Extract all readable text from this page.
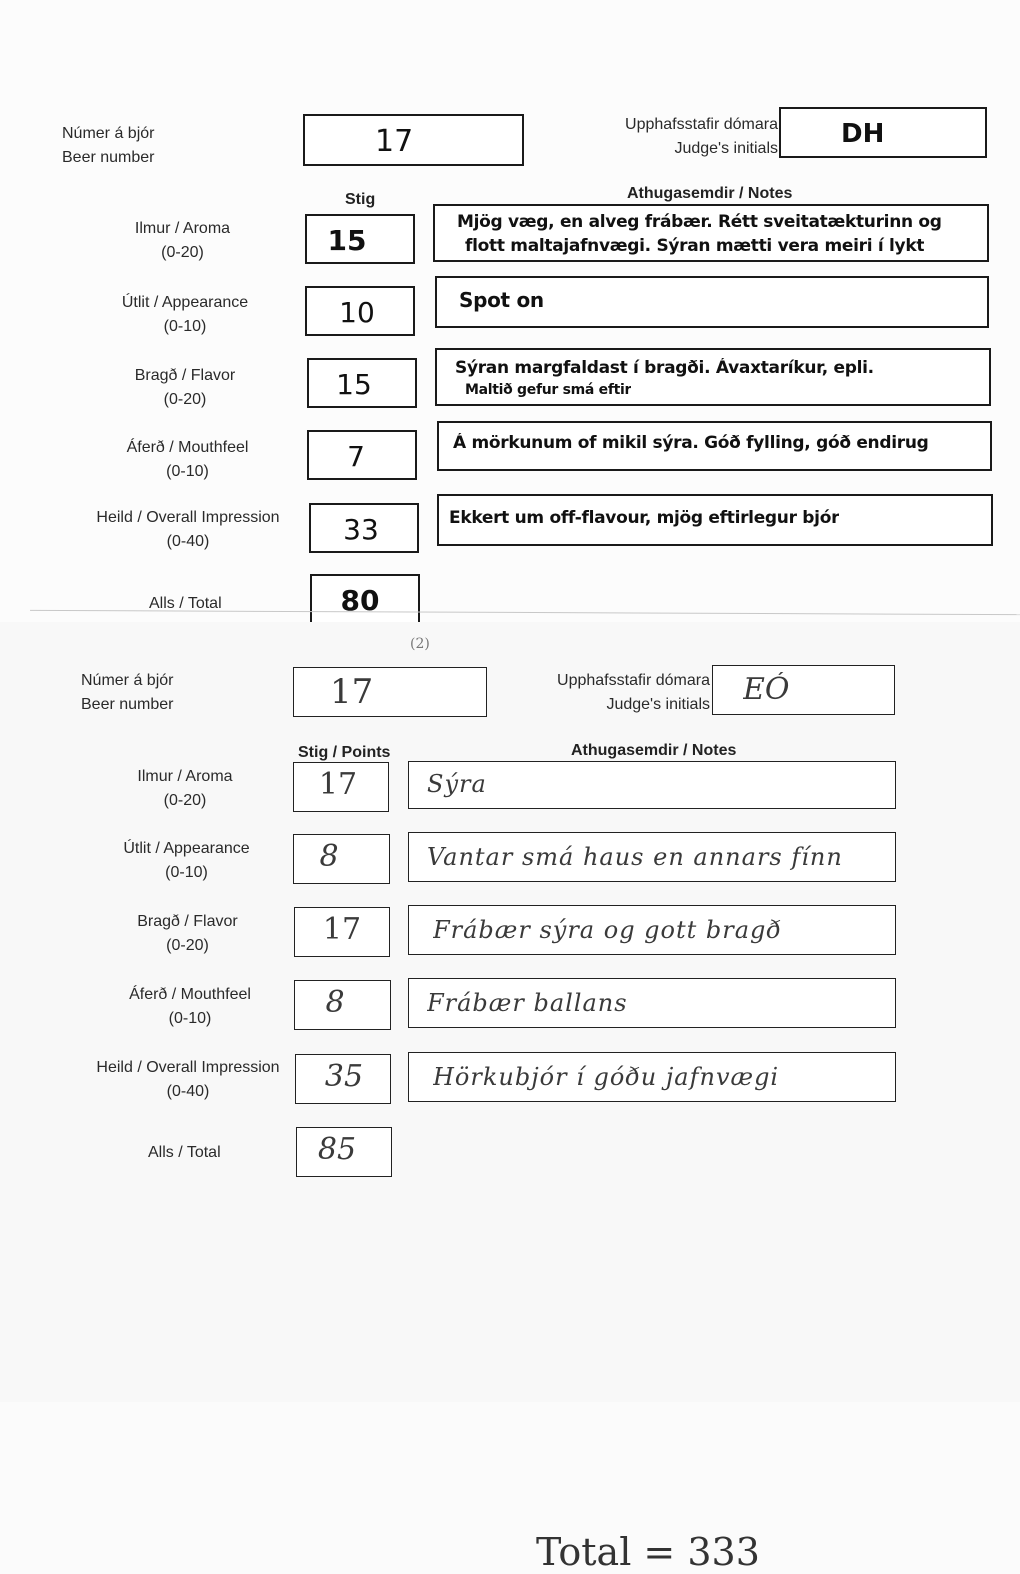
Númer á bjór
Beer number	17	Upphafsstafir dómara
Judge's initials DH
Stig	Athugasemdir / Notes
Ilmur / Aroma
(0-20)	15
Mjög væg, en alveg frábær. Rétt sveitatækturinn og
flott maltajafnvægi. Sýran mætti vera meiri í lykt
Útlit / Appearance
(0-10)	10	Spot on
Bragð / Flavor
(0-20)	15	Sýran margfaldast í bragði. Ávaxtaríkur, epli.
Maltið gefur smá eftir
Áferð / Mouthfeel
(0-10)	7	Á mörkunum of mikil sýra. Góð fylling, góð endirug
Heild / Overall Impression
(0-40)	33	Ekkert um off-flavour, mjög eftirlegur bjór
Alls / Total	80
(2)
Númer á bjór
Beer number	17	Upphafsstafir dómara
Judge's initials EÓ
Stig / Points	Athugasemdir / Notes
Ilmur / Aroma
(0-20)	17	Sýra
Útlit / Appearance
(0-10)	8	Vantar smá haus en annars fínn
Bragð / Flavor
(0-20)	17	Frábær sýra og gott bragð
Áferð / Mouthfeel
(0-10)	8	Frábær ballans
Heild / Overall Impression
(0-40)	35	Hörkubjór í góðu jafnvægi
Alls / Total	85
Total = 333
